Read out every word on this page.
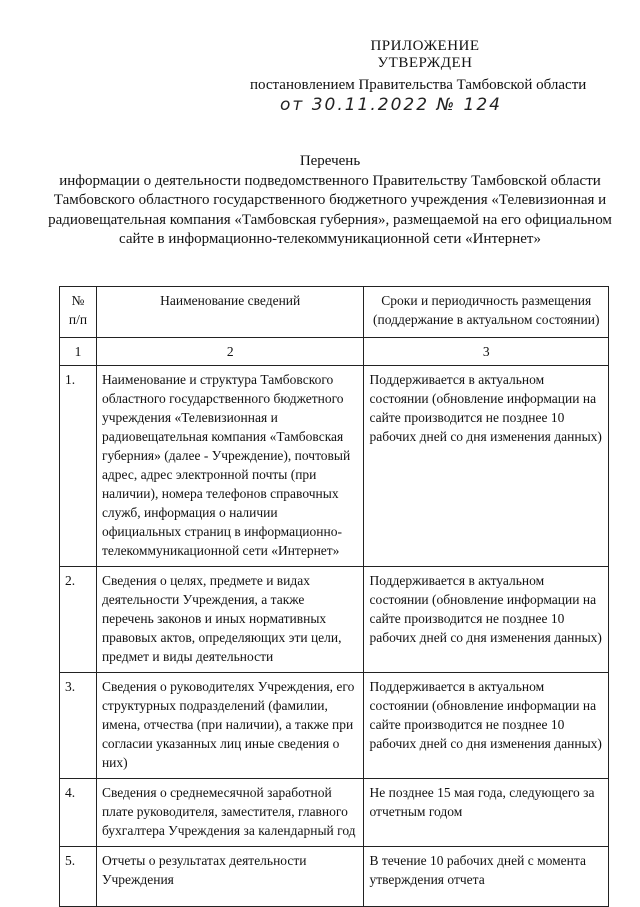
ПРИЛОЖЕНИЕ
УТВЕРЖДЕН
постановлением Правительства Тамбовской области
от 30.11.2022 № 124
Перечень
информации о деятельности подведомственного Правительству Тамбовской области Тамбовского областного государственного бюджетного учреждения «Телевизионная и радиовещательная компания «Тамбовская губерния», размещаемой на его официальном сайте в информационно-телекоммуникационной сети «Интернет»
№ п/п	Наименование сведений	Сроки и периодичность размещения (поддержание в актуальном состоянии)
1	2	3
1.	Наименование и структура Тамбовского областного государственного бюджетного учреждения «Телевизионная и радиовещательная компания «Тамбовская губерния» (далее - Учреждение), почтовый адрес, адрес электронной почты (при наличии), номера телефонов справочных служб, информация о наличии официальных страниц в информационно-телекоммуникационной сети «Интернет»	Поддерживается в актуальном состоянии (обновление информации на сайте производится не позднее 10 рабочих дней со дня изменения данных)
2.	Сведения о целях, предмете и видах деятельности Учреждения, а также перечень законов и иных нормативных правовых актов, определяющих эти цели, предмет и виды деятельности	Поддерживается в актуальном состоянии (обновление информации на сайте производится не позднее 10 рабочих дней со дня изменения данных)
3.	Сведения о руководителях Учреждения, его структурных подразделений (фамилии, имена, отчества (при наличии), а также при согласии указанных лиц иные сведения о них)	Поддерживается в актуальном состоянии (обновление информации на сайте производится не позднее 10 рабочих дней со дня изменения данных)
4.	Сведения о среднемесячной заработной плате руководителя, заместителя, главного бухгалтера Учреждения за календарный год	Не позднее 15 мая года, следующего за отчетным годом
5.	Отчеты о результатах деятельности Учреждения	В течение 10 рабочих дней с момента утверждения отчета
